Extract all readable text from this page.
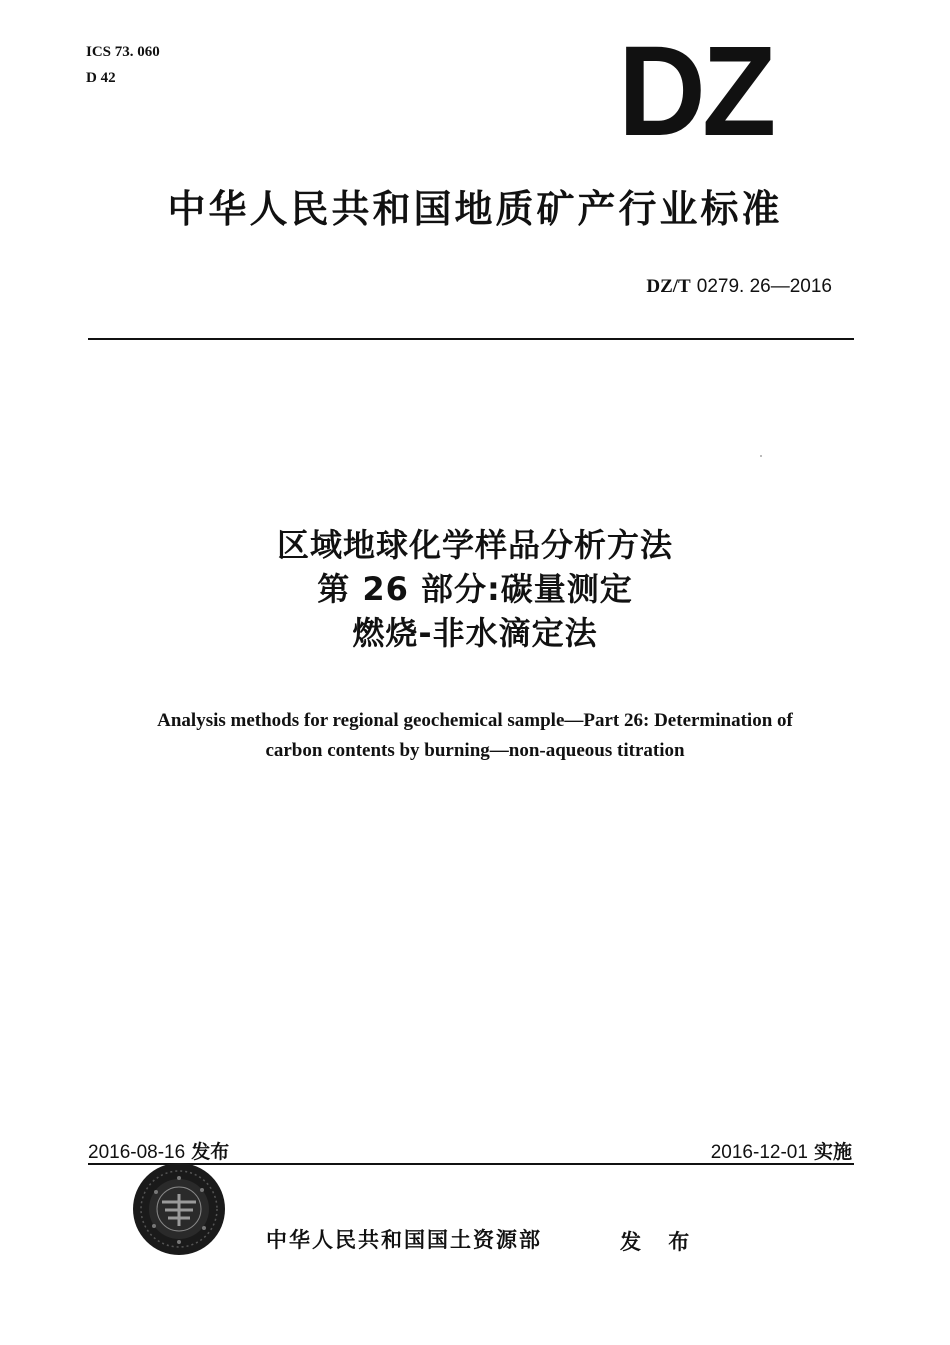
ICS 73. 060
D 42	DZ
中华人民共和国地质矿产行业标准
DZ/T 0279. 26—2016
区域地球化学样品分析方法
第 26 部分:碳量测定
燃烧-非水滴定法
Analysis methods for regional geochemical sample—Part 26: Determination of
carbon contents by burning—non-aqueous titration
2016-08-16 发布	2016-12-01 实施
中华人民共和国国土资源部	发 布
